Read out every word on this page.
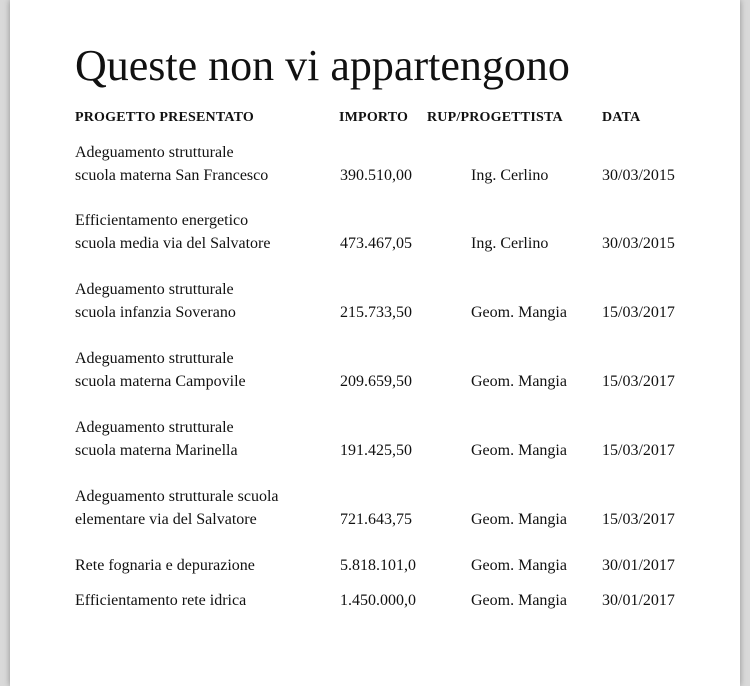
Queste non vi appartengono
PROGETTO PRESENTATO	IMPORTO RUP/PROGETTISTA	DATA
Adeguamento strutturale
scuola materna San Francesco	390.510,00	Ing. Cerlino	30/03/2015
Efficientamento energetico
scuola media via del Salvatore	473.467,05	Ing. Cerlino	30/03/2015
Adeguamento strutturale
scuola infanzia Soverano	215.733,50	Geom. Mangia 15/03/2017
Adeguamento strutturale
scuola materna Campovile	209.659,50	Geom. Mangia 15/03/2017
Adeguamento strutturale
scuola materna Marinella	191.425,50	Geom. Mangia 15/03/2017
Adeguamento strutturale scuola
elementare via del Salvatore	721.643,75	Geom. Mangia 15/03/2017
Rete fognaria e depurazione	5.818.101,0	Geom. Mangia 30/01/2017
Efficientamento rete idrica	1.450.000,0	Geom. Mangia 30/01/2017
